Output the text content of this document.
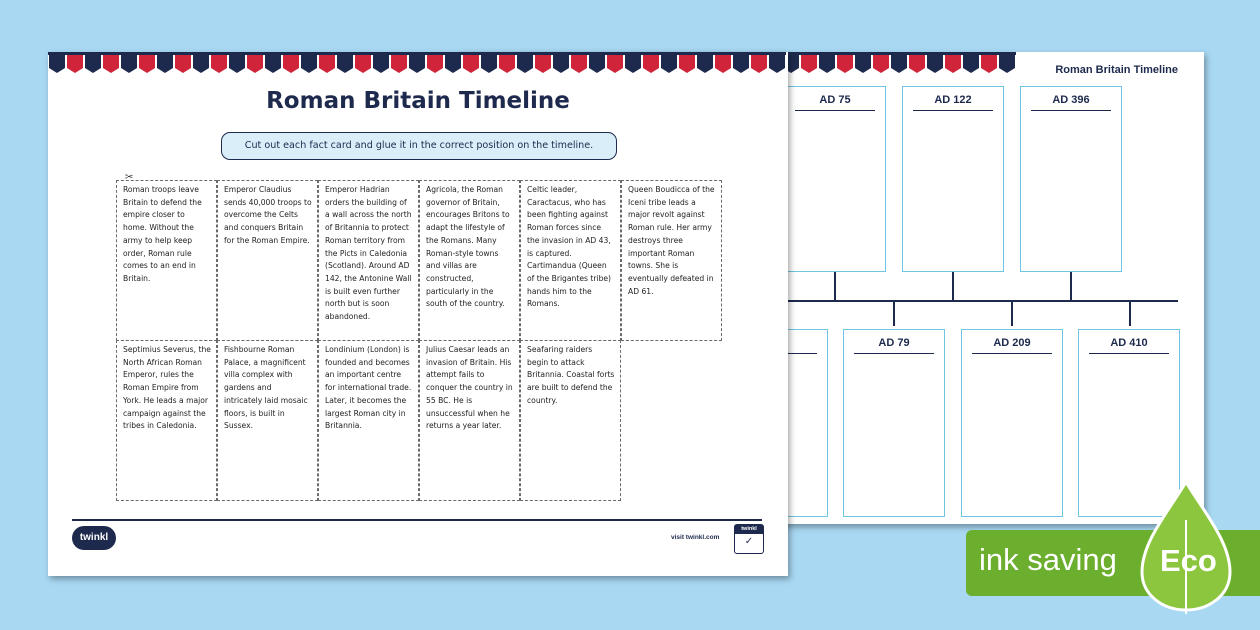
Roman Britain Timeline
AD 75	AD 122	AD 396
AD 79	AD 209	AD 410
Roman Britain Timeline
Cut out each fact card and glue it in the correct position on the timeline.
✂
Roman troops leave Britain to defend the empire closer to home. Without the army to help keep order, Roman rule comes to an end in Britain.
Emperor Claudius sends 40,000 troops to overcome the Celts and conquers Britain for the Roman Empire.
Emperor Hadrian orders the building of a wall across the north of Britannia to protect Roman territory from the Picts in Caledonia (Scotland). Around AD 142, the Antonine Wall is built even further north but is soon abandoned.
Agricola, the Roman governor of Britain, encourages Britons to adapt the lifestyle of the Romans. Many Roman-style towns and villas are constructed, particularly in the south of the country.
Celtic leader, Caractacus, who has been fighting against Roman forces since the invasion in AD 43, is captured. Cartimandua (Queen of the Brigantes tribe) hands him to the Romans.
Queen Boudicca of the Iceni tribe leads a major revolt against Roman rule. Her army destroys three important Roman towns. She is eventually defeated in AD 61.
Septimius Severus, the North African Roman Emperor, rules the Roman Empire from York. He leads a major campaign against the tribes in Caledonia.
Fishbourne Roman Palace, a magnificent villa complex with gardens and intricately laid mosaic floors, is built in Sussex.
Londinium (London) is founded and becomes an important centre for international trade. Later, it becomes the largest Roman city in Britannia.
Julius Caesar leads an invasion of Britain. His attempt fails to conquer the country in 55 BC. He is unsuccessful when he returns a year later.
Seafaring raiders begin to attack Britannia. Coastal forts are built to defend the country.
twinkl	visit twinkl.com
twinkl
✓
ink saving Eco
